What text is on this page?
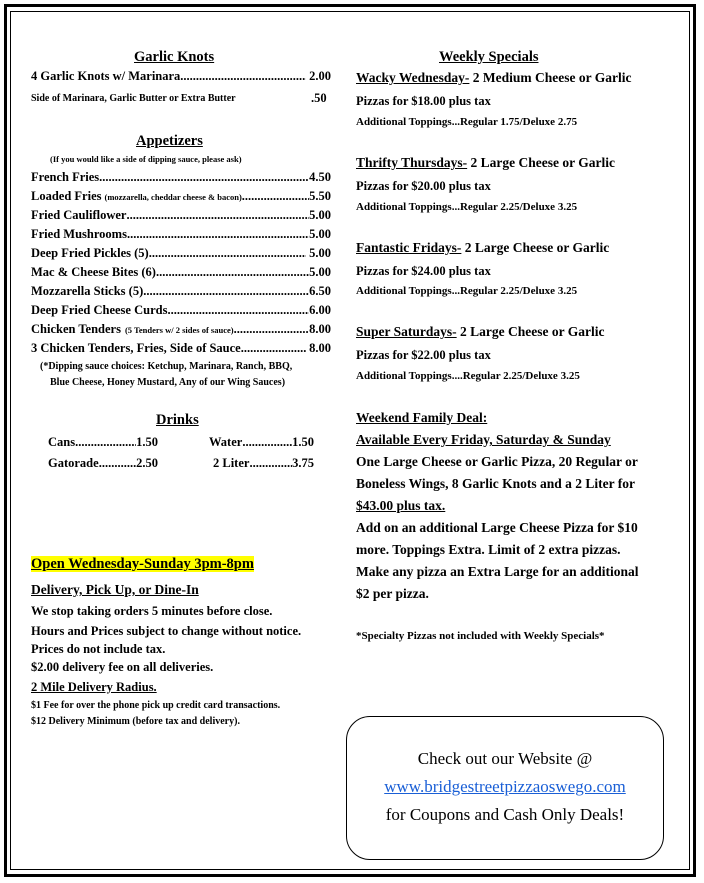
Garlic Knots
4 Garlic Knots w/ Marinara .....	2.00
Side of Marinara, Garlic Butter or Extra Butter	.50
Appetizers
(If you would like a side of dipping sauce, please ask)
French Fries .....	4.50
Loaded Fries (mozzarella, cheddar cheese & bacon) .....	5.50
Fried Cauliflower .....	5.00
Fried Mushrooms .....	5.00
Deep Fried Pickles (5) .....	5.00
Mac & Cheese Bites (6) .....	5.00
Mozzarella Sticks (5) .....	6.50
Deep Fried Cheese Curds .....	6.00
Chicken Tenders (5 Tenders w/ 2 sides of sauce) .....	8.00
3 Chicken Tenders, Fries, Side of Sauce .....	8.00
(*Dipping sauce choices: Ketchup, Marinara, Ranch, BBQ,
Blue Cheese, Honey Mustard, Any of our Wing Sauces)
Drinks
Cans .....	1.50	Water .....	1.50
Gatorade .....	2.50	2 Liter .....	3.75
Open Wednesday-Sunday 3pm-8pm
Delivery, Pick Up, or Dine-In
We stop taking orders 5 minutes before close.
Hours and Prices subject to change without notice.
Prices do not include tax.
$2.00 delivery fee on all deliveries.
2 Mile Delivery Radius.
$1 Fee for over the phone pick up credit card transactions.
$12 Delivery Minimum (before tax and delivery).
Weekly Specials
Wacky Wednesday- 2 Medium Cheese or Garlic
Pizzas for $18.00 plus tax
Additional Toppings...Regular 1.75/Deluxe 2.75
Thrifty Thursdays- 2 Large Cheese or Garlic
Pizzas for $20.00 plus tax
Additional Toppings...Regular 2.25/Deluxe 3.25
Fantastic Fridays- 2 Large Cheese or Garlic
Pizzas for $24.00 plus tax
Additional Toppings...Regular 2.25/Deluxe 3.25
Super Saturdays- 2 Large Cheese or Garlic
Pizzas for $22.00 plus tax
Additional Toppings....Regular 2.25/Deluxe 3.25
Weekend Family Deal:
Available Every Friday, Saturday & Sunday
One Large Cheese or Garlic Pizza, 20 Regular or
Boneless Wings, 8 Garlic Knots and a 2 Liter for
$43.00 plus tax.
Add on an additional Large Cheese Pizza for $10
more. Toppings Extra. Limit of 2 extra pizzas.
Make any pizza an Extra Large for an additional
$2 per pizza.
*Specialty Pizzas not included with Weekly Specials*
Check out our Website @
www.bridgestreetpizzaoswego.com
for Coupons and Cash Only Deals!
